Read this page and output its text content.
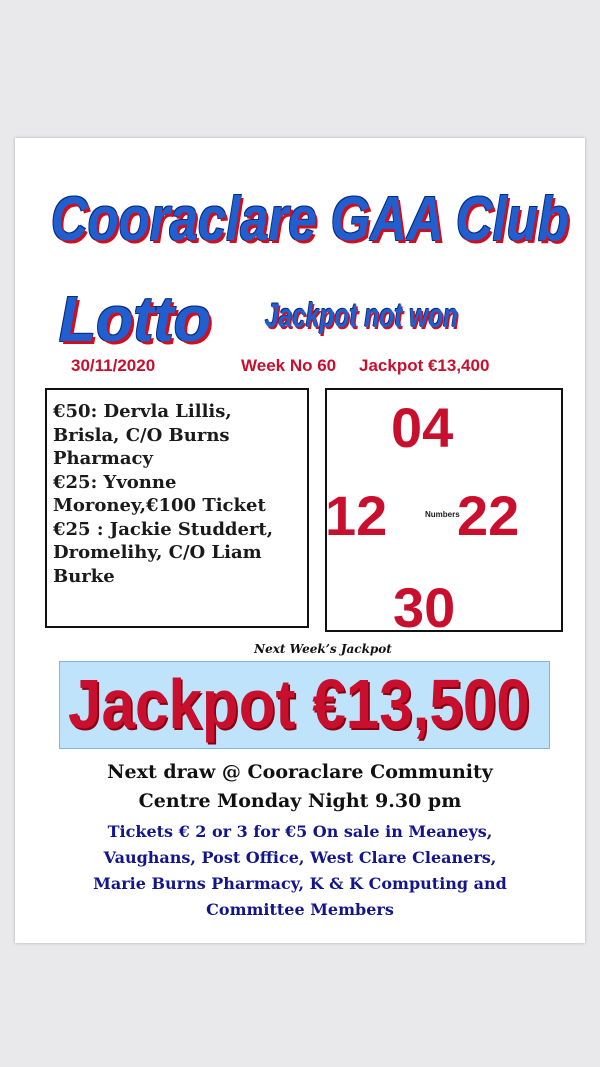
Cooraclare GAA Club
Lotto Jackpot not won
30/11/2020	Week No 60 Jackpot €13,400
€50: Dervla Lillis,
Brisla, C/O Burns
Pharmacy
€25: Yvonne
Moroney,€100 Ticket
€25 : Jackie Studdert,
Dromelihy, C/O Liam
Burke
04
12	Numbers
22
30
Next Week’s Jackpot
Jackpot €13,500
Next draw @ Cooraclare Community
Centre Monday Night 9.30 pm
Tickets € 2 or 3 for €5 On sale in Meaneys,
Vaughans, Post Office, West Clare Cleaners,
Marie Burns Pharmacy, K & K Computing and
Committee Members
